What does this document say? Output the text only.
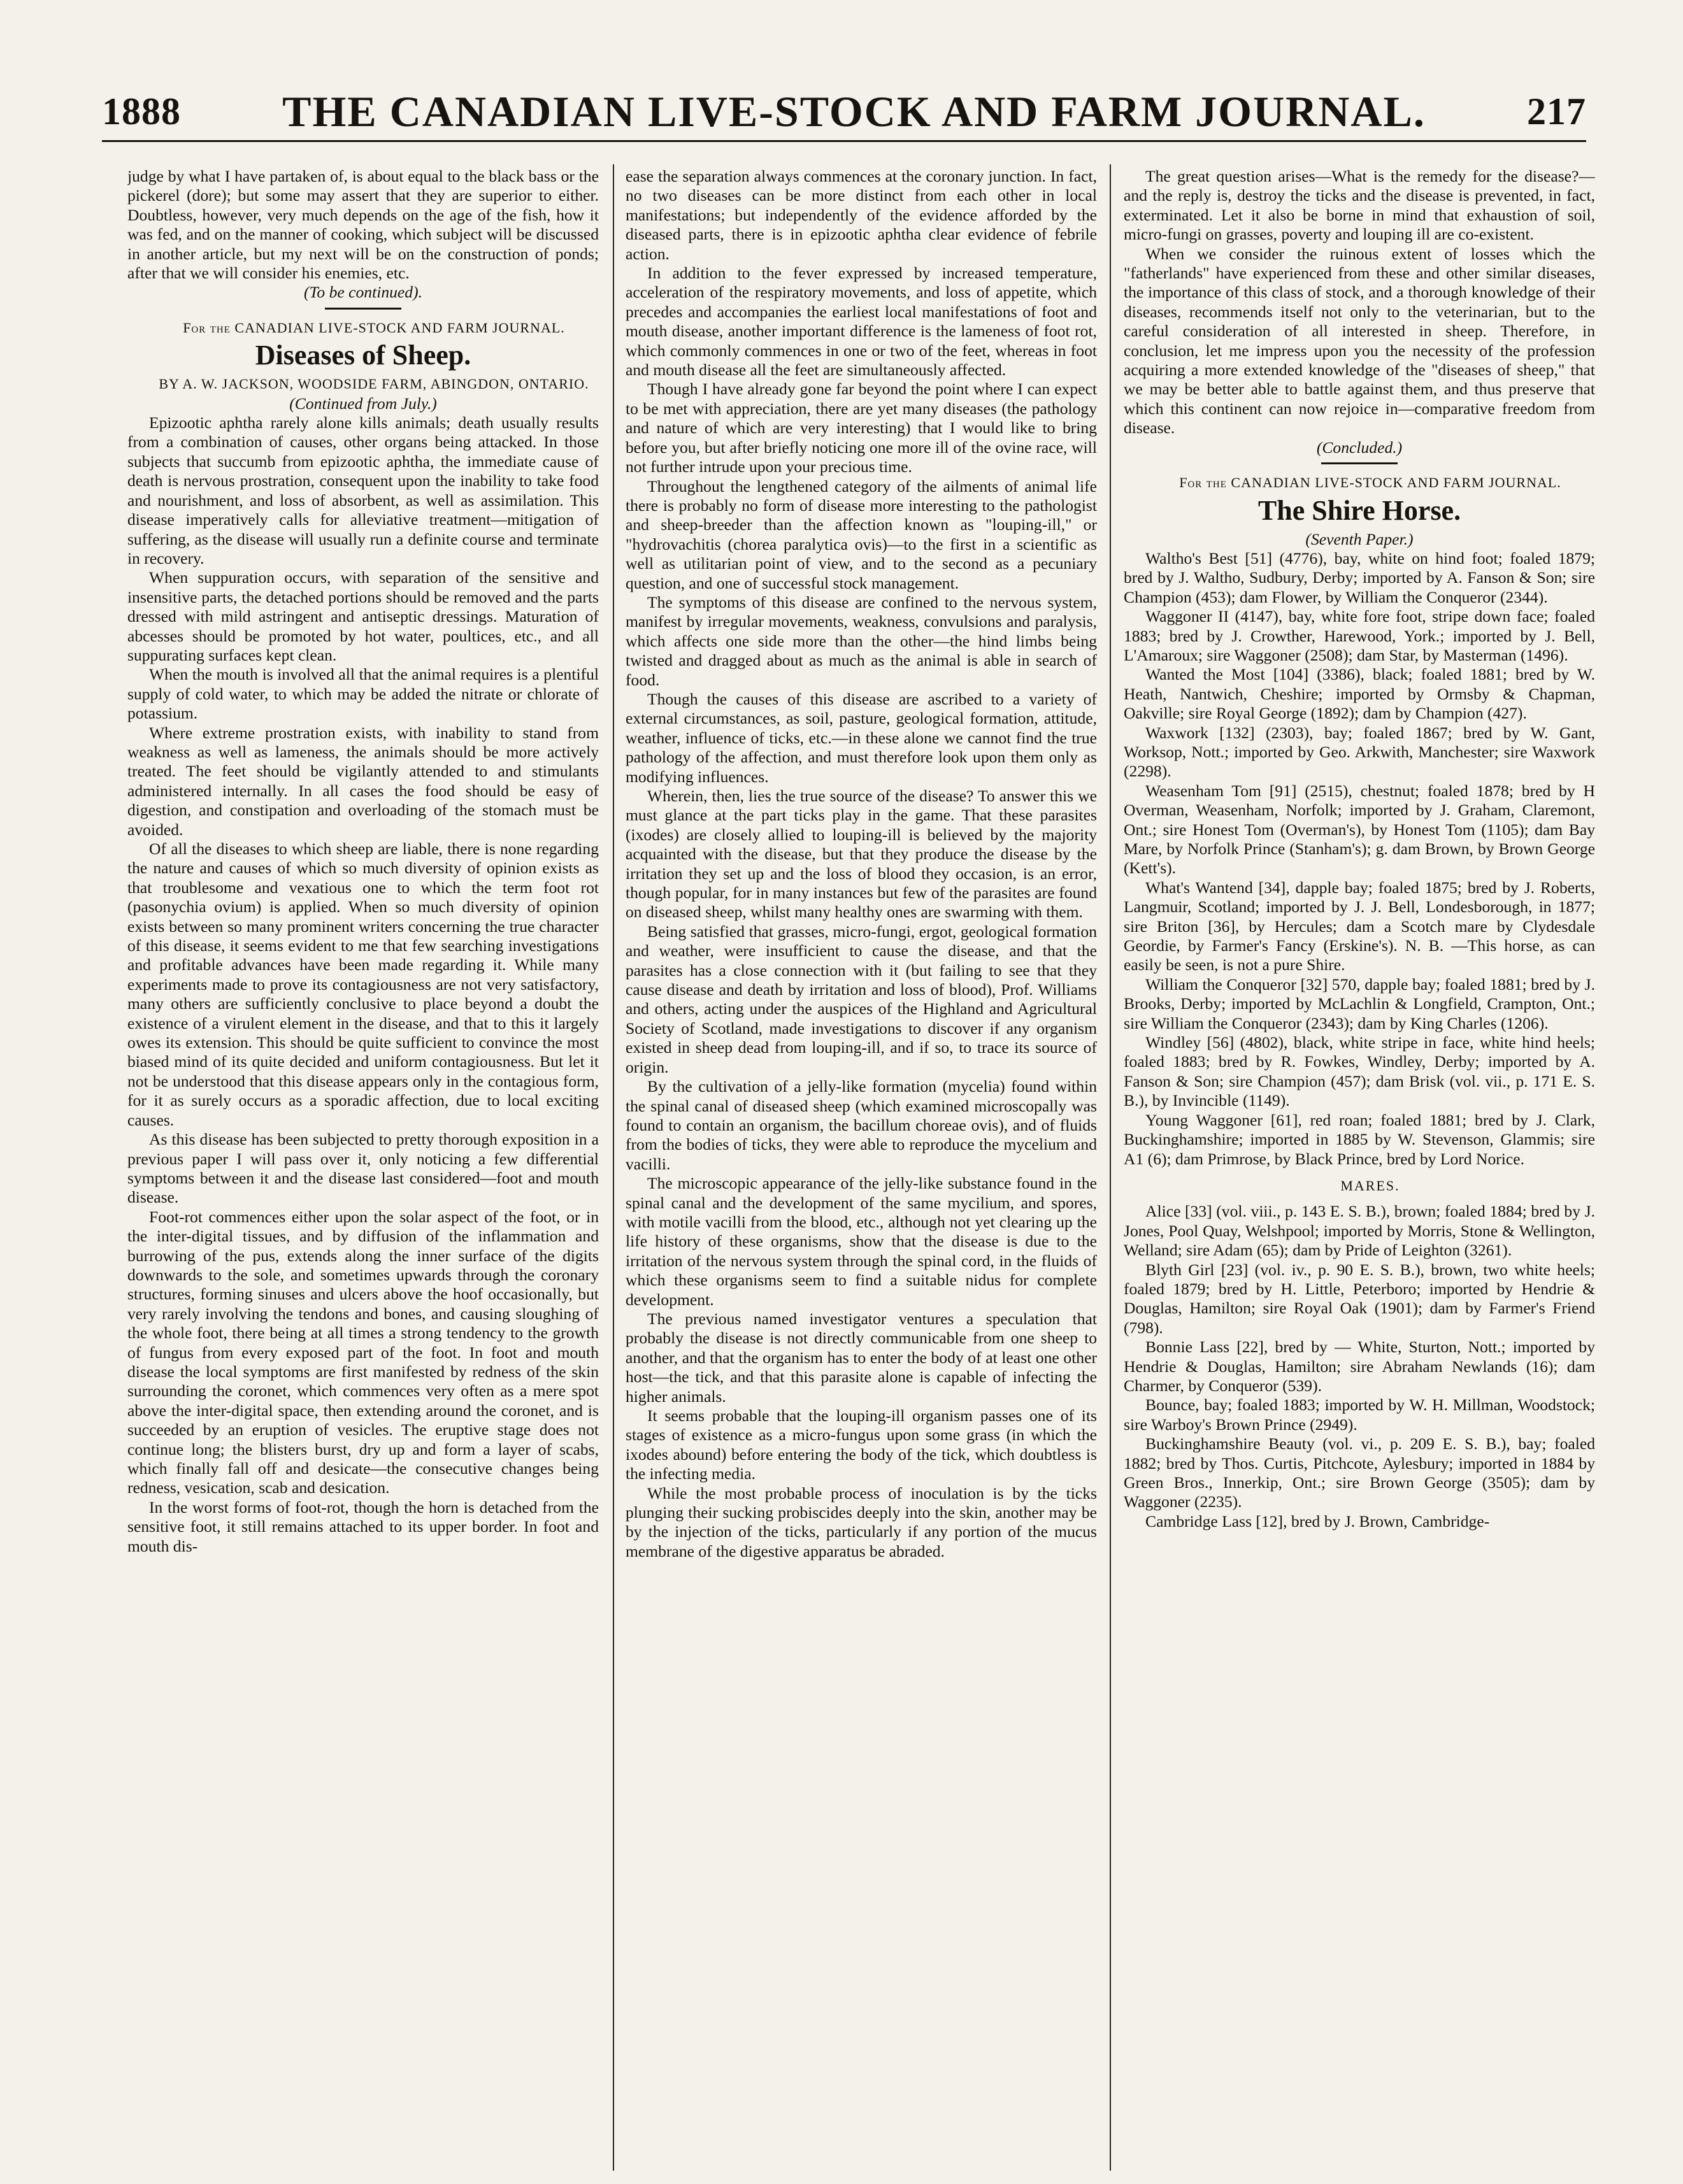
1888 THE CANADIAN LIVE-STOCK AND FARM JOURNAL.	217

judge by what I have partaken of, is about equal to the black bass or the pickerel (dore); but some may assert that they are superior to either. Doubtless, however, very much depends on the age of the fish, how it was fed, and on the manner of cooking, which subject will be discussed in another article, but my next will be on the construction of ponds; after that we will consider his enemies, etc.

(To be continued).

For the CANADIAN LIVE-STOCK AND FARM JOURNAL.

Diseases of Sheep.

BY A. W. JACKSON, WOODSIDE FARM, ABINGDON, ONTARIO.

(Continued from July.)

Epizootic aphtha rarely alone kills animals; death usually results from a combination of causes, other organs being attacked. In those subjects that succumb from epizootic aphtha, the immediate cause of death is nervous prostration, consequent upon the inability to take food and nourishment, and loss of absorbent, as well as assimilation. This disease imperatively calls for alleviative treatment—mitigation of suffering, as the disease will usually run a definite course and terminate in recovery.

When suppuration occurs, with separation of the sensitive and insensitive parts, the detached portions should be removed and the parts dressed with mild astringent and antiseptic dressings. Maturation of abcesses should be promoted by hot water, poultices, etc., and all suppurating surfaces kept clean.

When the mouth is involved all that the animal requires is a plentiful supply of cold water, to which may be added the nitrate or chlorate of potassium.

Where extreme prostration exists, with inability to stand from weakness as well as lameness, the animals should be more actively treated. The feet should be vigilantly attended to and stimulants administered internally. In all cases the food should be easy of digestion, and constipation and overloading of the stomach must be avoided.

Of all the diseases to which sheep are liable, there is none regarding the nature and causes of which so much diversity of opinion exists as that troublesome and vexatious one to which the term foot rot (pasonychia ovium) is applied. When so much diversity of opinion exists between so many prominent writers concerning the true character of this disease, it seems evident to me that few searching investigations and profitable advances have been made regarding it. While many experiments made to prove its contagiousness are not very satisfactory, many others are sufficiently conclusive to place beyond a doubt the existence of a virulent element in the disease, and that to this it largely owes its extension. This should be quite sufficient to convince the most biased mind of its quite decided and uniform contagiousness. But let it not be understood that this disease appears only in the contagious form, for it as surely occurs as a sporadic affection, due to local exciting causes.

As this disease has been subjected to pretty thorough exposition in a previous paper I will pass over it, only noticing a few differential symptoms between it and the disease last considered—foot and mouth disease.

Foot-rot commences either upon the solar aspect of the foot, or in the inter-digital tissues, and by diffusion of the inflammation and burrowing of the pus, extends along the inner surface of the digits downwards to the sole, and sometimes upwards through the coronary structures, forming sinuses and ulcers above the hoof occasionally, but very rarely involving the tendons and bones, and causing sloughing of the whole foot, there being at all times a strong tendency to the growth of fungus from every exposed part of the foot. In foot and mouth disease the local symptoms are first manifested by redness of the skin surrounding the coronet, which commences very often as a mere spot above the inter-digital space, then extending around the coronet, and is succeeded by an eruption of vesicles. The eruptive stage does not continue long; the blisters burst, dry up and form a layer of scabs, which finally fall off and desicate—the consecutive changes being redness, vesication, scab and desication.

In the worst forms of foot-rot, though the horn is detached from the sensitive foot, it still remains attached to its upper border. In foot and mouth dis-

ease the separation always commences at the coronary junction. In fact, no two diseases can be more distinct from each other in local manifestations; but independently of the evidence afforded by the diseased parts, there is in epizootic aphtha clear evidence of febrile action.

In addition to the fever expressed by increased temperature, acceleration of the respiratory movements, and loss of appetite, which precedes and accompanies the earliest local manifestations of foot and mouth disease, another important difference is the lameness of foot rot, which commonly commences in one or two of the feet, whereas in foot and mouth disease all the feet are simultaneously affected.

Though I have already gone far beyond the point where I can expect to be met with appreciation, there are yet many diseases (the pathology and nature of which are very interesting) that I would like to bring before you, but after briefly noticing one more ill of the ovine race, will not further intrude upon your precious time.

Throughout the lengthened category of the ailments of animal life there is probably no form of disease more interesting to the pathologist and sheep-breeder than the affection known as "louping-ill," or "hydrovachitis (chorea paralytica ovis)—to the first in a scientific as well as utilitarian point of view, and to the second as a pecuniary question, and one of successful stock management.

The symptoms of this disease are confined to the nervous system, manifest by irregular movements, weakness, convulsions and paralysis, which affects one side more than the other—the hind limbs being twisted and dragged about as much as the animal is able in search of food.

Though the causes of this disease are ascribed to a variety of external circumstances, as soil, pasture, geological formation, attitude, weather, influence of ticks, etc.—in these alone we cannot find the true pathology of the affection, and must therefore look upon them only as modifying influences.

Wherein, then, lies the true source of the disease? To answer this we must glance at the part ticks play in the game. That these parasites (ixodes) are closely allied to louping-ill is believed by the majority acquainted with the disease, but that they produce the disease by the irritation they set up and the loss of blood they occasion, is an error, though popular, for in many instances but few of the parasites are found on diseased sheep, whilst many healthy ones are swarming with them.

Being satisfied that grasses, micro-fungi, ergot, geological formation and weather, were insufficient to cause the disease, and that the parasites has a close connection with it (but failing to see that they cause disease and death by irritation and loss of blood), Prof. Williams and others, acting under the auspices of the Highland and Agricultural Society of Scotland, made investigations to discover if any organism existed in sheep dead from louping-ill, and if so, to trace its source of origin.

By the cultivation of a jelly-like formation (mycelia) found within the spinal canal of diseased sheep (which examined microscopally was found to contain an organism, the bacillum choreae ovis), and of fluids from the bodies of ticks, they were able to reproduce the mycelium and vacilli.

The microscopic appearance of the jelly-like substance found in the spinal canal and the development of the same mycilium, and spores, with motile vacilli from the blood, etc., although not yet clearing up the life history of these organisms, show that the disease is due to the irritation of the nervous system through the spinal cord, in the fluids of which these organisms seem to find a suitable nidus for complete development.

The previous named investigator ventures a speculation that probably the disease is not directly communicable from one sheep to another, and that the organism has to enter the body of at least one other host—the tick, and that this parasite alone is capable of infecting the higher animals.

It seems probable that the louping-ill organism passes one of its stages of existence as a micro-fungus upon some grass (in which the ixodes abound) before entering the body of the tick, which doubtless is the infecting media.

While the most probable process of inoculation is by the ticks plunging their sucking probiscides deeply into the skin, another may be by the injection of the ticks, particularly if any portion of the mucus membrane of the digestive apparatus be abraded.

The great question arises—What is the remedy for the disease?—and the reply is, destroy the ticks and the disease is prevented, in fact, exterminated. Let it also be borne in mind that exhaustion of soil, micro-fungi on grasses, poverty and louping ill are co-existent.

When we consider the ruinous extent of losses which the "fatherlands" have experienced from these and other similar diseases, the importance of this class of stock, and a thorough knowledge of their diseases, recommends itself not only to the veterinarian, but to the careful consideration of all interested in sheep. Therefore, in conclusion, let me impress upon you the necessity of the profession acquiring a more extended knowledge of the "diseases of sheep," that we may be better able to battle against them, and thus preserve that which this continent can now rejoice in—comparative freedom from disease.

(Concluded.)

For the CANADIAN LIVE-STOCK AND FARM JOURNAL.

The Shire Horse.

(Seventh Paper.)

Waltho's Best [51] (4776), bay, white on hind foot; foaled 1879; bred by J. Waltho, Sudbury, Derby; imported by A. Fanson & Son; sire Champion (453); dam Flower, by William the Conqueror (2344).

Waggoner II (4147), bay, white fore foot, stripe down face; foaled 1883; bred by J. Crowther, Harewood, York.; imported by J. Bell, L'Amaroux; sire Waggoner (2508); dam Star, by Masterman (1496).

Wanted the Most [104] (3386), black; foaled 1881; bred by W. Heath, Nantwich, Cheshire; imported by Ormsby & Chapman, Oakville; sire Royal George (1892); dam by Champion (427).

Waxwork [132] (2303), bay; foaled 1867; bred by W. Gant, Worksop, Nott.; imported by Geo. Arkwith, Manchester; sire Waxwork (2298).

Weasenham Tom [91] (2515), chestnut; foaled 1878; bred by H Overman, Weasenham, Norfolk; imported by J. Graham, Claremont, Ont.; sire Honest Tom (Overman's), by Honest Tom (1105); dam Bay Mare, by Norfolk Prince (Stanham's); g. dam Brown, by Brown George (Kett's).

What's Wantend [34], dapple bay; foaled 1875; bred by J. Roberts, Langmuir, Scotland; imported by J. J. Bell, Londesborough, in 1877; sire Briton [36], by Hercules; dam a Scotch mare by Clydesdale Geordie, by Farmer's Fancy (Erskine's). N. B. —This horse, as can easily be seen, is not a pure Shire.

William the Conqueror [32] 570, dapple bay; foaled 1881; bred by J. Brooks, Derby; imported by McLachlin & Longfield, Crampton, Ont.; sire William the Conqueror (2343); dam by King Charles (1206).

Windley [56] (4802), black, white stripe in face, white hind heels; foaled 1883; bred by R. Fowkes, Windley, Derby; imported by A. Fanson & Son; sire Champion (457); dam Brisk (vol. vii., p. 171 E. S. B.), by Invincible (1149).

Young Waggoner [61], red roan; foaled 1881; bred by J. Clark, Buckinghamshire; imported in 1885 by W. Stevenson, Glammis; sire A1 (6); dam Primrose, by Black Prince, bred by Lord Norice.

MARES.

Alice [33] (vol. viii., p. 143 E. S. B.), brown; foaled 1884; bred by J. Jones, Pool Quay, Welshpool; imported by Morris, Stone & Wellington, Welland; sire Adam (65); dam by Pride of Leighton (3261).

Blyth Girl [23] (vol. iv., p. 90 E. S. B.), brown, two white heels; foaled 1879; bred by H. Little, Peterboro; imported by Hendrie & Douglas, Hamilton; sire Royal Oak (1901); dam by Farmer's Friend (798).

Bonnie Lass [22], bred by — White, Sturton, Nott.; imported by Hendrie & Douglas, Hamilton; sire Abraham Newlands (16); dam Charmer, by Conqueror (539).

Bounce, bay; foaled 1883; imported by W. H. Millman, Woodstock; sire Warboy's Brown Prince (2949).

Buckinghamshire Beauty (vol. vi., p. 209 E. S. B.), bay; foaled 1882; bred by Thos. Curtis, Pitchcote, Aylesbury; imported in 1884 by Green Bros., Innerkip, Ont.; sire Brown George (3505); dam by Waggoner (2235).

Cambridge Lass [12], bred by J. Brown, Cambridge-
